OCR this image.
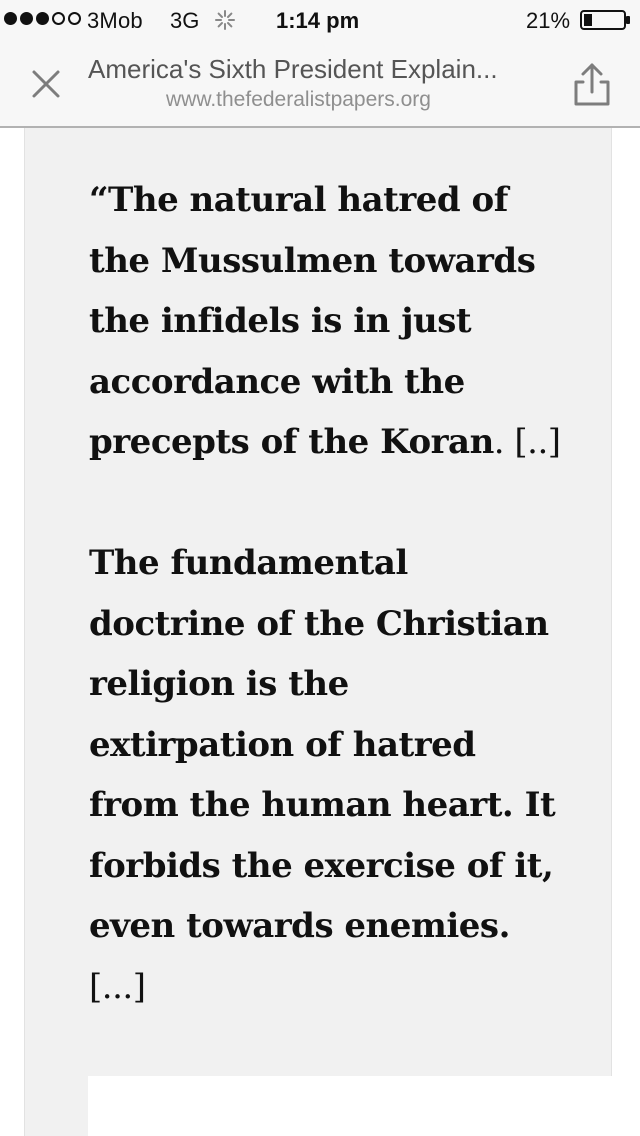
3Mob 3G	1:14 pm	21%
America's Sixth President Explain...
www.thefederalistpapers.org
“The natural hatred of
the Mussulmen towards
the infidels is in just
accordance with the
precepts of the Koran. [..]
The fundamental
doctrine of the Christian
religion is the
extirpation of hatred
from the human heart. It
forbids the exercise of it,
even towards enemies.
[...]
